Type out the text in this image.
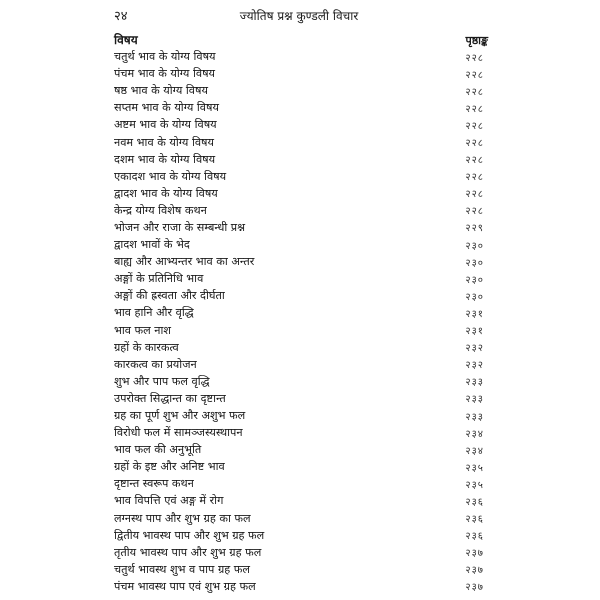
२४	ज्योतिष प्रश्न कुण्डली विचार
विषय	पृष्ठाङ्क
चतुर्थ भाव के योग्य विषय	२२८
पंचम भाव के योग्य विषय	२२८
षष्ठ भाव के योग्य विषय	२२८
सप्तम भाव के योग्य विषय	२२८
अष्टम भाव के योग्य विषय	२२८
नवम भाव के योग्य विषय	२२८
दशम भाव के योग्य विषय	२२८
एकादश भाव के योग्य विषय	२२८
द्वादश भाव के योग्य विषय	२२८
केन्द्र योग्य विशेष कथन	२२८
भोजन और राजा के सम्बन्धी प्रश्न	२२९
द्वादश भावों के भेद	२३०
बाह्य और आभ्यन्तर भाव का अन्तर	२३०
अङ्गों के प्रतिनिधि भाव	२३०
अङ्गों की ह्रस्वता और दीर्घता	२३०
भाव हानि और वृद्धि	२३१
भाव फल नाश	२३१
ग्रहों के कारकत्व	२३२
कारकत्व का प्रयोजन	२३२
शुभ और पाप फल वृद्धि	२३३
उपरोक्त सिद्धान्त का दृष्टान्त	२३३
ग्रह का पूर्ण शुभ और अशुभ फल	२३३
विरोधी फल में सामञ्जस्यस्थापन	२३४
भाव फल की अनुभूति	२३४
ग्रहों के इष्ट और अनिष्ट भाव	२३५
दृष्टान्त स्वरूप कथन	२३५
भाव विपत्ति एवं अङ्ग में रोग	२३६
लग्नस्थ पाप और शुभ ग्रह का फल	२३६
द्वितीय भावस्थ पाप और शुभ ग्रह फल	२३६
तृतीय भावस्थ पाप और शुभ ग्रह फल	२३७
चतुर्थ भावस्थ शुभ व पाप ग्रह फल	२३७
पंचम भावस्थ पाप एवं शुभ ग्रह फल	२३७
